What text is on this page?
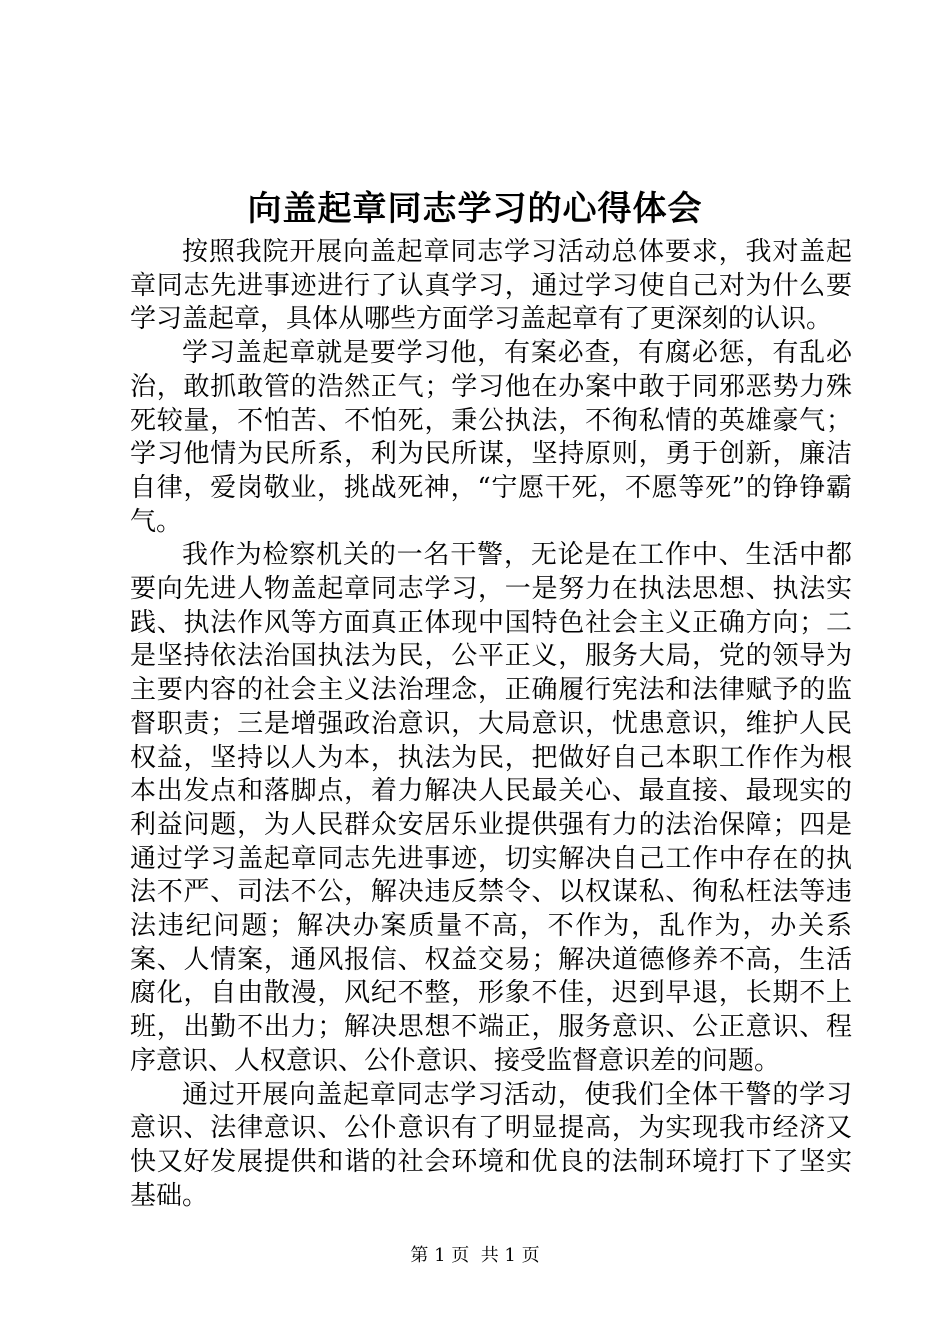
向盖起章同志学习的心得体会

按照我院开展向盖起章同志学习活动总体要求，我对盖起章同志先进事迹进行了认真学习，通过学习使自己对为什么要学习盖起章，具体从哪些方面学习盖起章有了更深刻的认识。

学习盖起章就是要学习他，有案必查，有腐必惩，有乱必治，敢抓敢管的浩然正气；学习他在办案中敢于同邪恶势力殊死较量，不怕苦、不怕死，秉公执法，不徇私情的英雄豪气；学习他情为民所系，利为民所谋，坚持原则，勇于创新，廉洁自律，爱岗敬业，挑战死神，“宁愿干死，不愿等死”的铮铮霸气。

我作为检察机关的一名干警，无论是在工作中、生活中都要向先进人物盖起章同志学习，一是努力在执法思想、执法实践、执法作风等方面真正体现中国特色社会主义正确方向；二是坚持依法治国执法为民，公平正义，服务大局，党的领导为主要内容的社会主义法治理念，正确履行宪法和法律赋予的监督职责；三是增强政治意识，大局意识，忧患意识，维护人民权益，坚持以人为本，执法为民，把做好自己本职工作作为根本出发点和落脚点，着力解决人民最关心、最直接、最现实的利益问题，为人民群众安居乐业提供强有力的法治保障；四是通过学习盖起章同志先进事迹，切实解决自己工作中存在的执法不严、司法不公，解决违反禁令、以权谋私、徇私枉法等违法违纪问题；解决办案质量不高，不作为，乱作为，办关系案、人情案，通风报信、权益交易；解决道德修养不高，生活腐化，自由散漫，风纪不整，形象不佳，迟到早退，长期不上班，出勤不出力；解决思想不端正，服务意识、公正意识、程序意识、人权意识、公仆意识、接受监督意识差的问题。

通过开展向盖起章同志学习活动，使我们全体干警的学习意识、法律意识、公仆意识有了明显提高，为实现我市经济又快又好发展提供和谐的社会环境和优良的法制环境打下了坚实基础。

第 1 页  共 1 页
